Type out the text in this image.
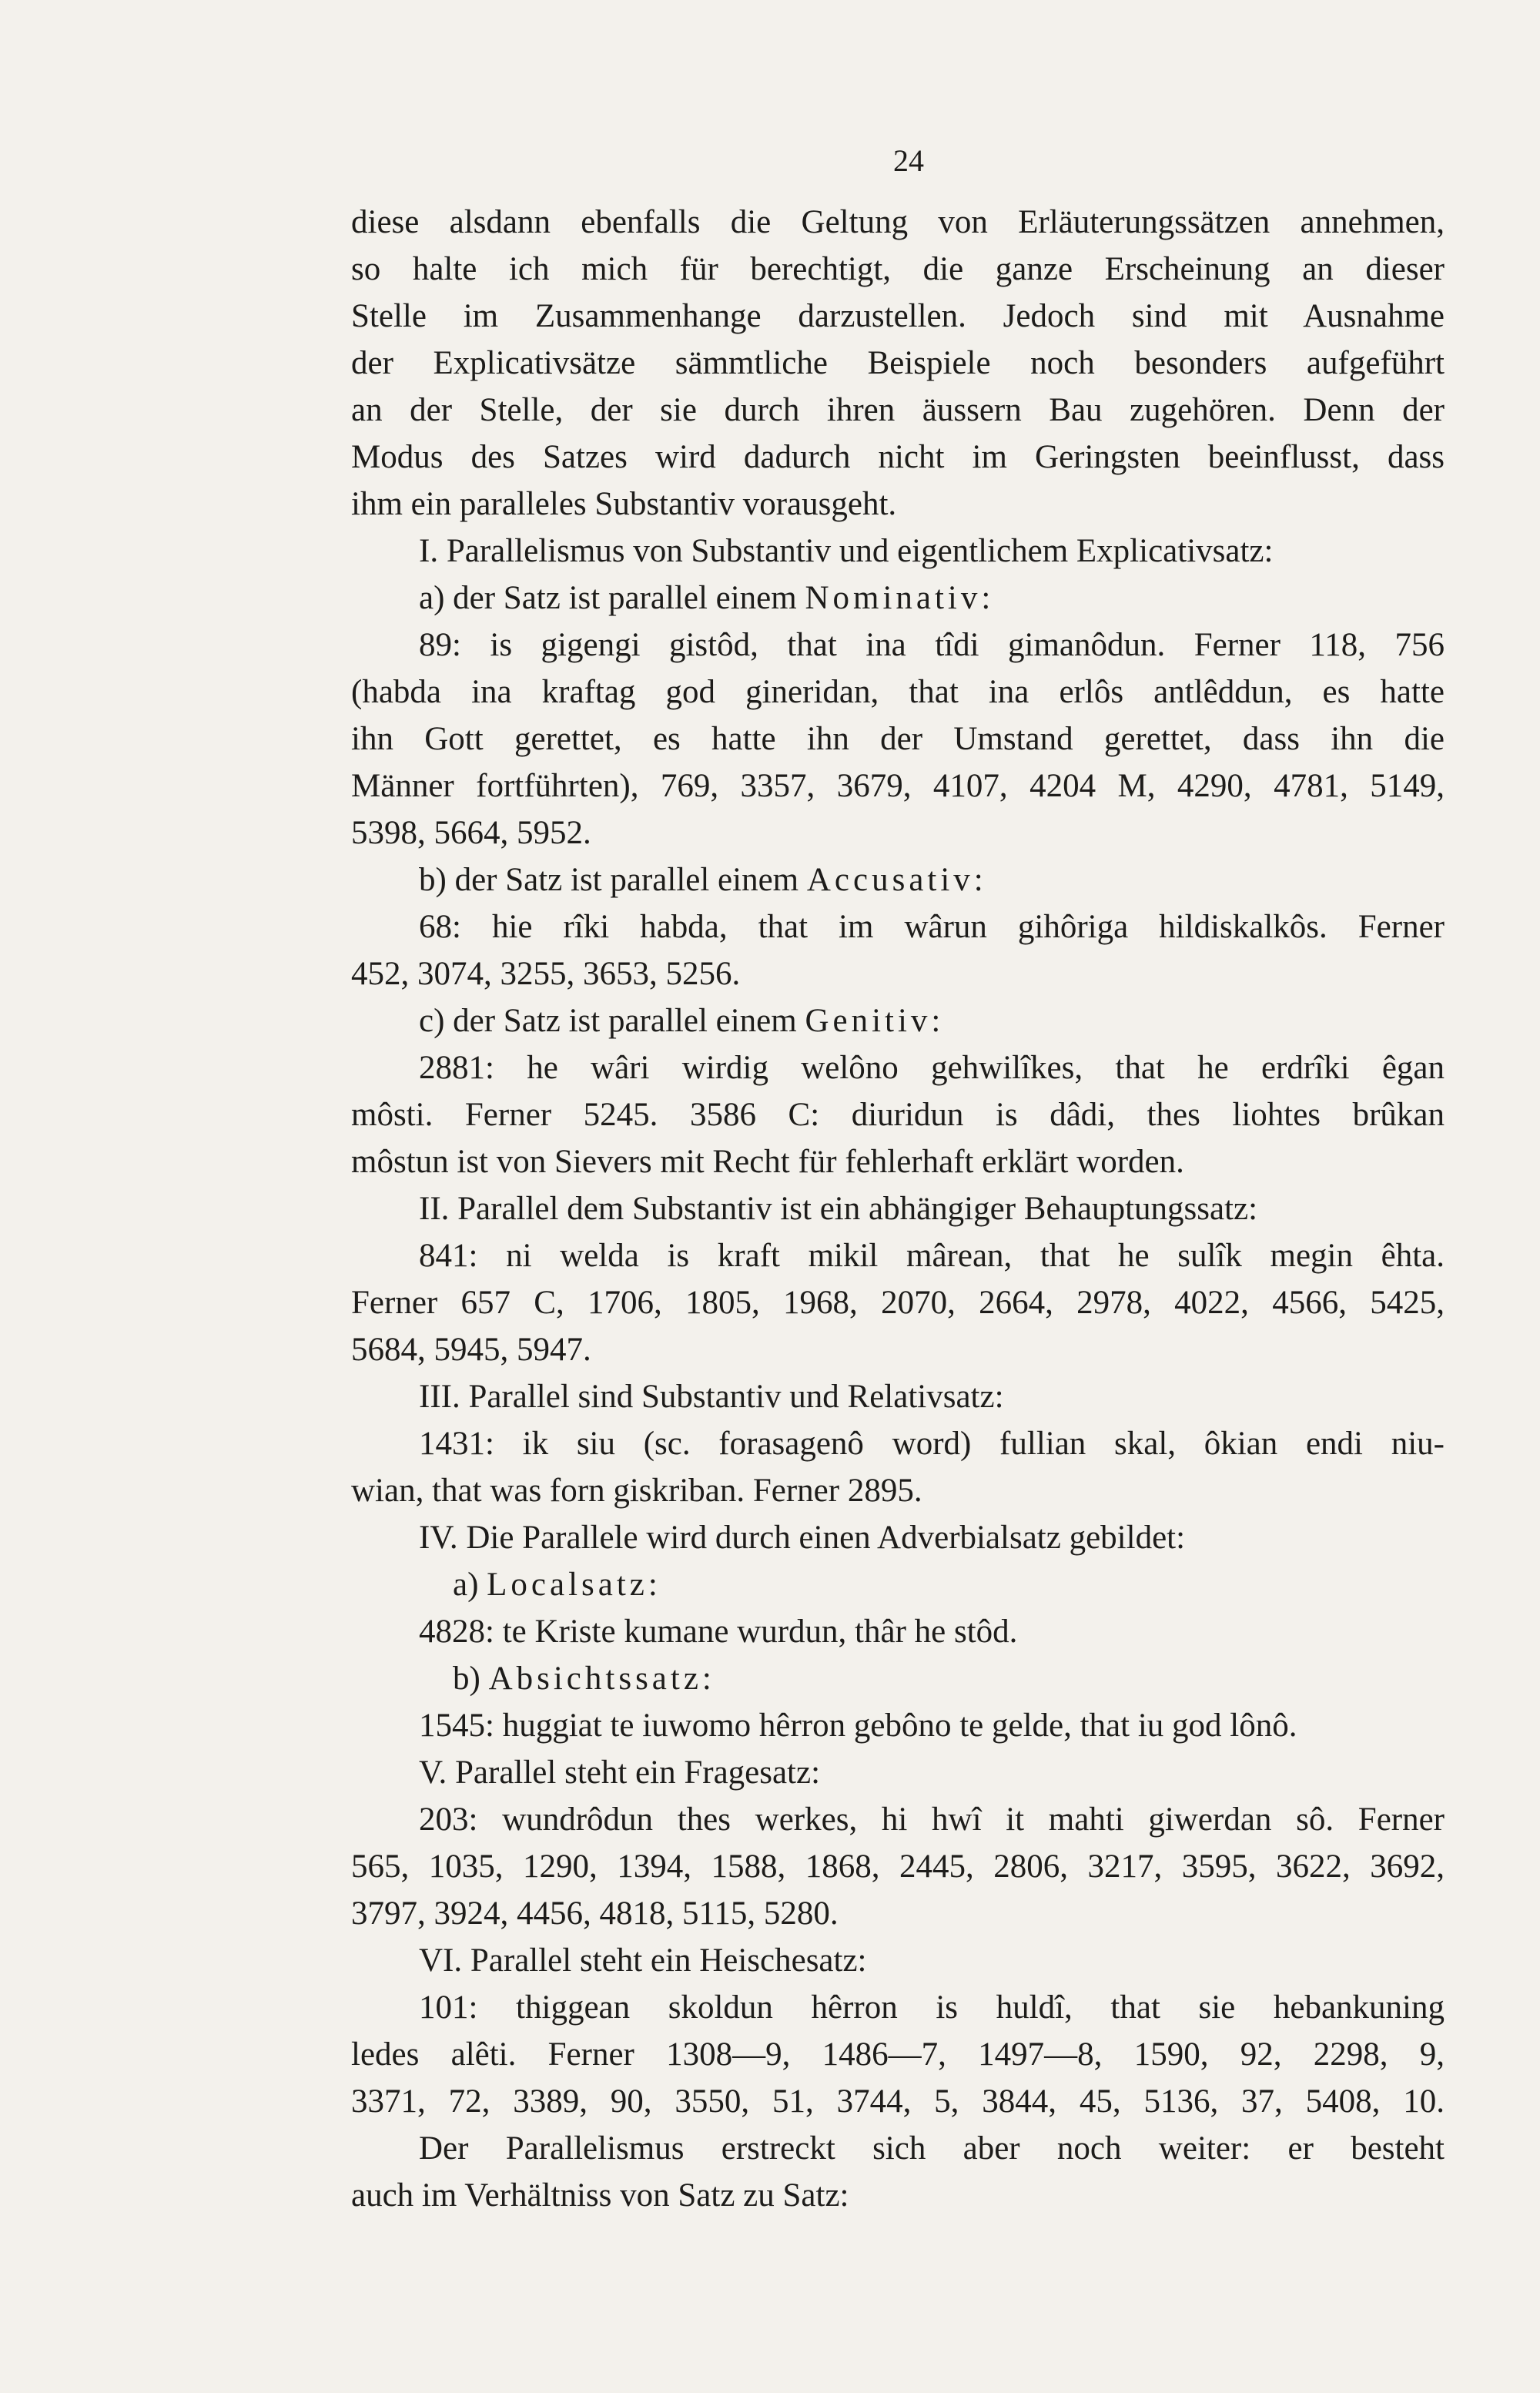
24
diese alsdann ebenfalls die Geltung von Erläuterungssätzen annehmen,
so halte ich mich für berechtigt, die ganze Erscheinung an dieser
Stelle im Zusammenhange darzustellen. Jedoch sind mit Ausnahme
der Explicativsätze sämmtliche Beispiele noch besonders aufgeführt
an der Stelle, der sie durch ihren äussern Bau zugehören. Denn der
Modus des Satzes wird dadurch nicht im Geringsten beeinflusst, dass
ihm ein paralleles Substantiv vorausgeht.
I. Parallelismus von Substantiv und eigentlichem Explicativsatz:
a) der Satz ist parallel einem Nominativ:
89: is gigengi gistôd, that ina tîdi gimanôdun. Ferner 118, 756
(habda ina kraftag god gineridan, that ina erlôs antlêddun, es hatte
ihn Gott gerettet, es hatte ihn der Umstand gerettet, dass ihn die
Männer fortführten), 769, 3357, 3679, 4107, 4204 M, 4290, 4781, 5149,
5398, 5664, 5952.
b) der Satz ist parallel einem Accusativ:
68: hie rîki habda, that im wârun gihôriga hildiskalkôs. Ferner
452, 3074, 3255, 3653, 5256.
c) der Satz ist parallel einem Genitiv:
2881: he wâri wirdig welôno gehwilîkes, that he erdrîki êgan
môsti. Ferner 5245. 3586 C: diuridun is dâdi, thes liohtes brûkan
môstun ist von Sievers mit Recht für fehlerhaft erklärt worden.
II. Parallel dem Substantiv ist ein abhängiger Behauptungssatz:
841: ni welda is kraft mikil mârean, that he sulîk megin êhta.
Ferner 657 C, 1706, 1805, 1968, 2070, 2664, 2978, 4022, 4566, 5425,
5684, 5945, 5947.
III. Parallel sind Substantiv und Relativsatz:
1431: ik siu (sc. forasagenô word) fullian skal, ôkian endi niu-
wian, that was forn giskriban. Ferner 2895.
IV. Die Parallele wird durch einen Adverbialsatz gebildet:
a) Localsatz:
4828: te Kriste kumane wurdun, thâr he stôd.
b) Absichtssatz:
1545: huggiat te iuwomo hêrron gebôno te gelde, that iu god lônô.
V. Parallel steht ein Fragesatz:
203: wundrôdun thes werkes, hi hwî it mahti giwerdan sô. Ferner
565, 1035, 1290, 1394, 1588, 1868, 2445, 2806, 3217, 3595, 3622, 3692,
3797, 3924, 4456, 4818, 5115, 5280.
VI. Parallel steht ein Heischesatz:
101: thiggean skoldun hêrron is huldî, that sie hebankuning
ledes alêti. Ferner 1308—9, 1486—7, 1497—8, 1590, 92, 2298, 9,
3371, 72, 3389, 90, 3550, 51, 3744, 5, 3844, 45, 5136, 37, 5408, 10.
Der Parallelismus erstreckt sich aber noch weiter: er besteht
auch im Verhältniss von Satz zu Satz:
